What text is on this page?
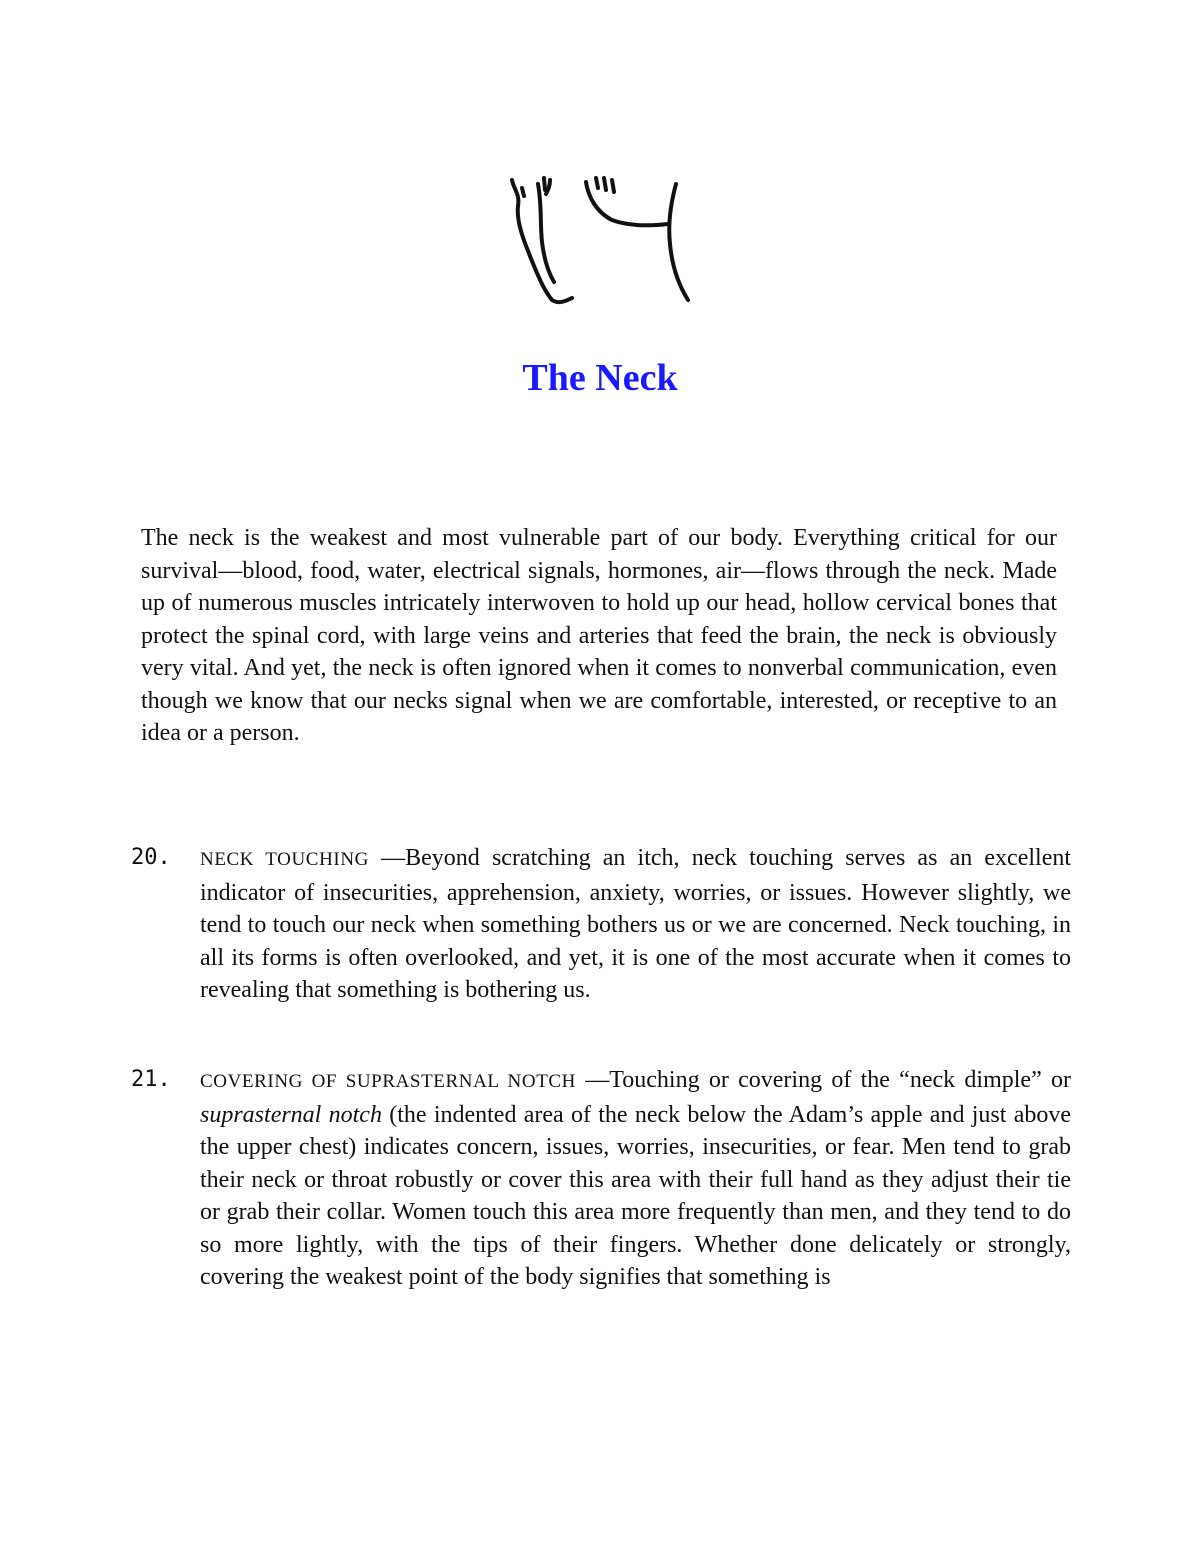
The Neck

The neck is the weakest and most vulnerable part of our body. Everything critical for our survival—blood, food, water, electrical signals, hormones, air—flows through the neck. Made up of numerous muscles intricately interwoven to hold up our head, hollow cervical bones that protect the spinal cord, with large veins and arteries that feed the brain, the neck is obviously very vital. And yet, the neck is often ignored when it comes to nonverbal communication, even though we know that our necks signal when we are comfortable, interested, or receptive to an idea or a person.

20. NECK TOUCHING —Beyond scratching an itch, neck touching serves as an excellent indicator of insecurities, apprehension, anxiety, worries, or issues. However slightly, we tend to touch our neck when something bothers us or we are concerned. Neck touching, in all its forms is often overlooked, and yet, it is one of the most accurate when it comes to revealing that something is bothering us.

21. COVERING OF SUPRASTERNAL NOTCH —Touching or covering of the “neck dimple” or suprasternal notch (the indented area of the neck below the Adam’s apple and just above the upper chest) indicates concern, issues, worries, insecurities, or fear. Men tend to grab their neck or throat robustly or cover this area with their full hand as they adjust their tie or grab their collar. Women touch this area more frequently than men, and they tend to do so more lightly, with the tips of their fingers. Whether done delicately or strongly, covering the weakest point of the body signifies that something is
